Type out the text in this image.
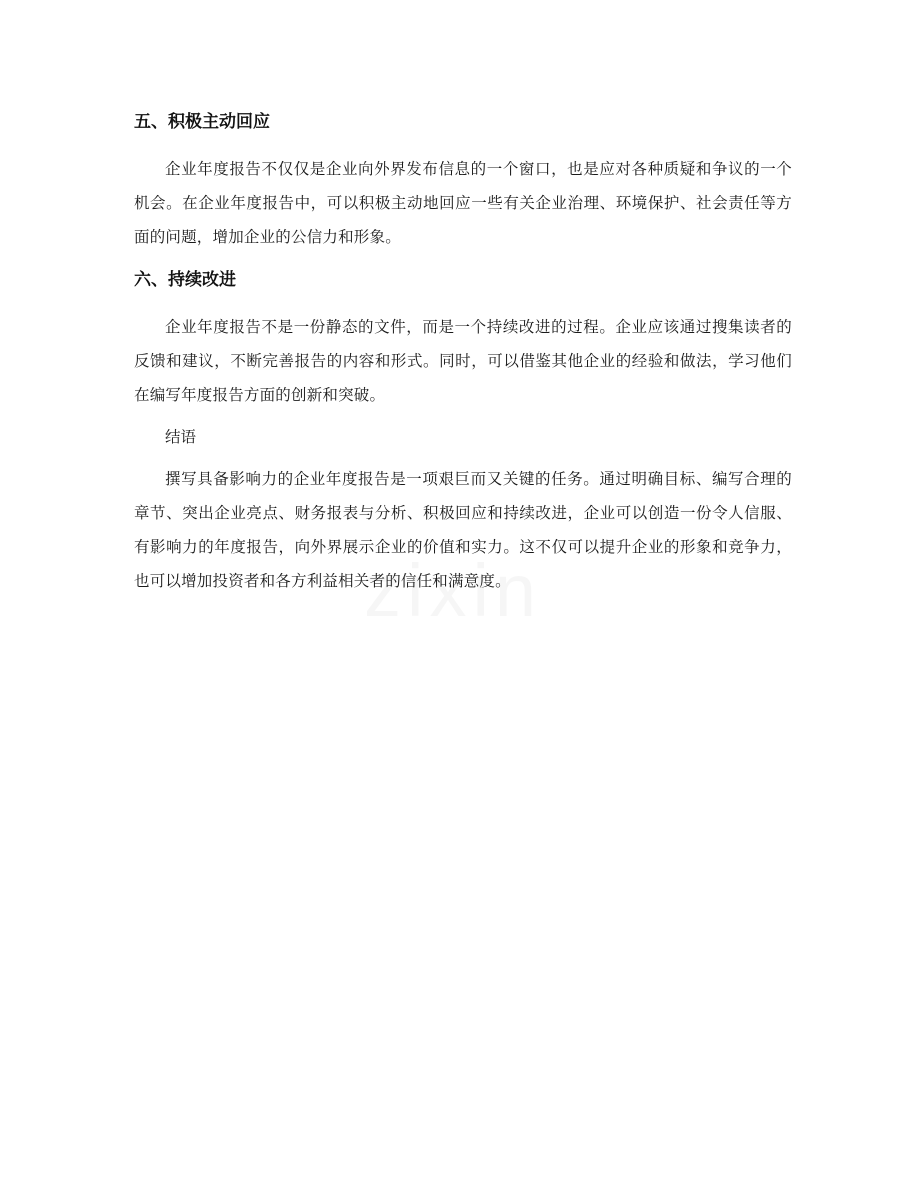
五、积极主动回应

企业年度报告不仅仅是企业向外界发布信息的一个窗口，也是应对各种质疑和争议的一个机会。在企业年度报告中，可以积极主动地回应一些有关企业治理、环境保护、社会责任等方面的问题，增加企业的公信力和形象。

六、持续改进

企业年度报告不是一份静态的文件，而是一个持续改进的过程。企业应该通过搜集读者的反馈和建议，不断完善报告的内容和形式。同时，可以借鉴其他企业的经验和做法，学习他们在编写年度报告方面的创新和突破。

结语

撰写具备影响力的企业年度报告是一项艰巨而又关键的任务。通过明确目标、编写合理的章节、突出企业亮点、财务报表与分析、积极回应和持续改进，企业可以创造一份令人信服、有影响力的年度报告，向外界展示企业的价值和实力。这不仅可以提升企业的形象和竞争力，也可以增加投资者和各方利益相关者的信任和满意度。
